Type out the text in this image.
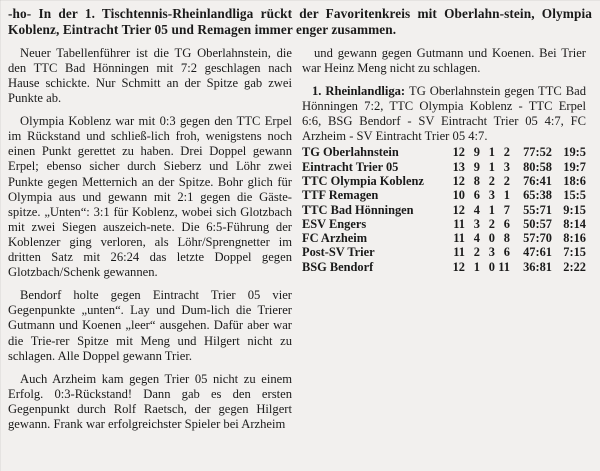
-ho- In der 1. Tischtennis-Rheinlandliga rückt der Favoritenkreis mit Oberlahn-stein, Olympia Koblenz, Eintracht Trier 05 und Remagen immer enger zusammen.

Neuer Tabellenführer ist die TG Oberlahnstein, die den TTC Bad Hönningen mit 7:2 geschlagen nach Hause schickte. Nur Schmitt an der Spitze gab zwei Punkte ab.

Olympia Koblenz war mit 0:3 gegen den TTC Erpel im Rückstand und schließ-lich froh, wenigstens noch einen Punkt gerettet zu haben. Drei Doppel gewann Erpel; ebenso sicher durch Sieberz und Löhr zwei Punkte gegen Metternich an der Spitze. Bohr glich für Olympia aus und gewann mit 2:1 gegen die Gäste-spitze. „Unten“: 3:1 für Koblenz, wobei sich Glotzbach mit zwei Siegen auszeich-nete. Die 6:5-Führung der Koblenzer ging verloren, als Löhr/Sprengnetter im dritten Satz mit 26:24 das letzte Doppel gegen Glotzbach/Schenk gewannen.

Bendorf holte gegen Eintracht Trier 05 vier Gegenpunkte „unten“. Lay und Dum-lich die Trierer Gutmann und Koenen „leer“ ausgehen. Dafür aber war die Trie-rer Spitze mit Meng und Hilgert nicht zu schlagen. Alle Doppel gewann Trier.

Auch Arzheim kam gegen Trier 05 nicht zu einem Erfolg. 0:3-Rückstand! Dann gab es den ersten Gegenpunkt durch Rolf Raetsch, der gegen Hilgert gewann. Frank war erfolgreichster Spieler bei Arzheim

und gewann gegen Gutmann und Koenen. Bei Trier war Heinz Meng nicht zu schlagen.

1. Rheinlandliga: TG Oberlahnstein gegen TTC Bad Hönningen 7:2, TTC Olympia Koblenz - TTC Erpel 6:6, BSG Bendorf - SV Eintracht Trier 05 4:7, FC Arzheim - SV Eintracht Trier 05 4:7.

TG Oberlahnstein	12	9	1	2	77:52	19:5
Eintracht Trier 05	13	9	1	3	80:58	19:7
TTC Olympia Koblenz	12	8	2	2	76:41	18:6
TTF Remagen	10	6	3	1	65:38	15:5
TTC Bad Hönningen	12	4	1	7	55:71	9:15
ESV Engers	11	3	2	6	50:57	8:14
FC Arzheim	11	4	0	8	57:70	8:16
Post-SV Trier	11	2	3	6	47:61	7:15
BSG Bendorf	12	1	0	11	36:81	2:22
